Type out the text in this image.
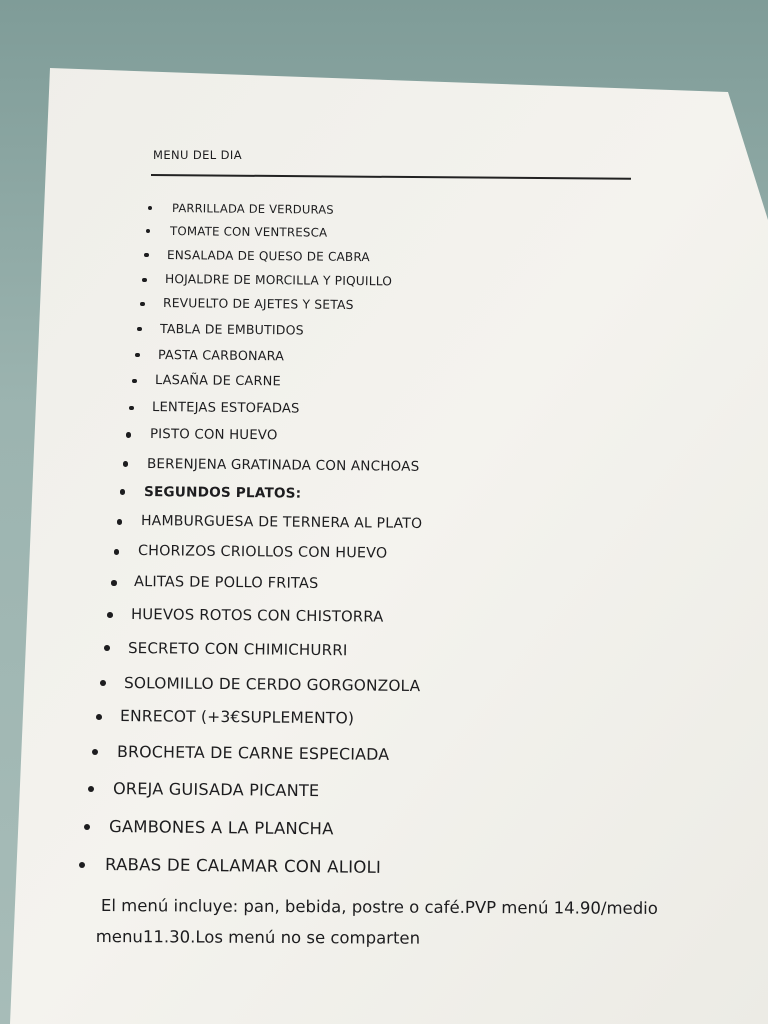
MENU DEL DIA
PARRILLADA DE VERDURAS
TOMATE CON VENTRESCA
ENSALADA DE QUESO DE CABRA
HOJALDRE DE MORCILLA Y PIQUILLO
REVUELTO DE AJETES Y SETAS
TABLA DE EMBUTIDOS
PASTA CARBONARA
LASAÑA DE CARNE
LENTEJAS ESTOFADAS
PISTO CON HUEVO
BERENJENA GRATINADA CON ANCHOAS
SEGUNDOS PLATOS:
HAMBURGUESA DE TERNERA AL PLATO
CHORIZOS CRIOLLOS CON HUEVO
ALITAS DE POLLO FRITAS
HUEVOS ROTOS CON CHISTORRA
SECRETO CON CHIMICHURRI
SOLOMILLO DE CERDO GORGONZOLA
ENRECOT (+3€SUPLEMENTO)
BROCHETA DE CARNE ESPECIADA
OREJA GUISADA PICANTE
GAMBONES A LA PLANCHA
RABAS DE CALAMAR CON ALIOLI
El menú incluye: pan, bebida, postre o café.PVP menú 14.90/medio
menu11.30.Los menú no se comparten
